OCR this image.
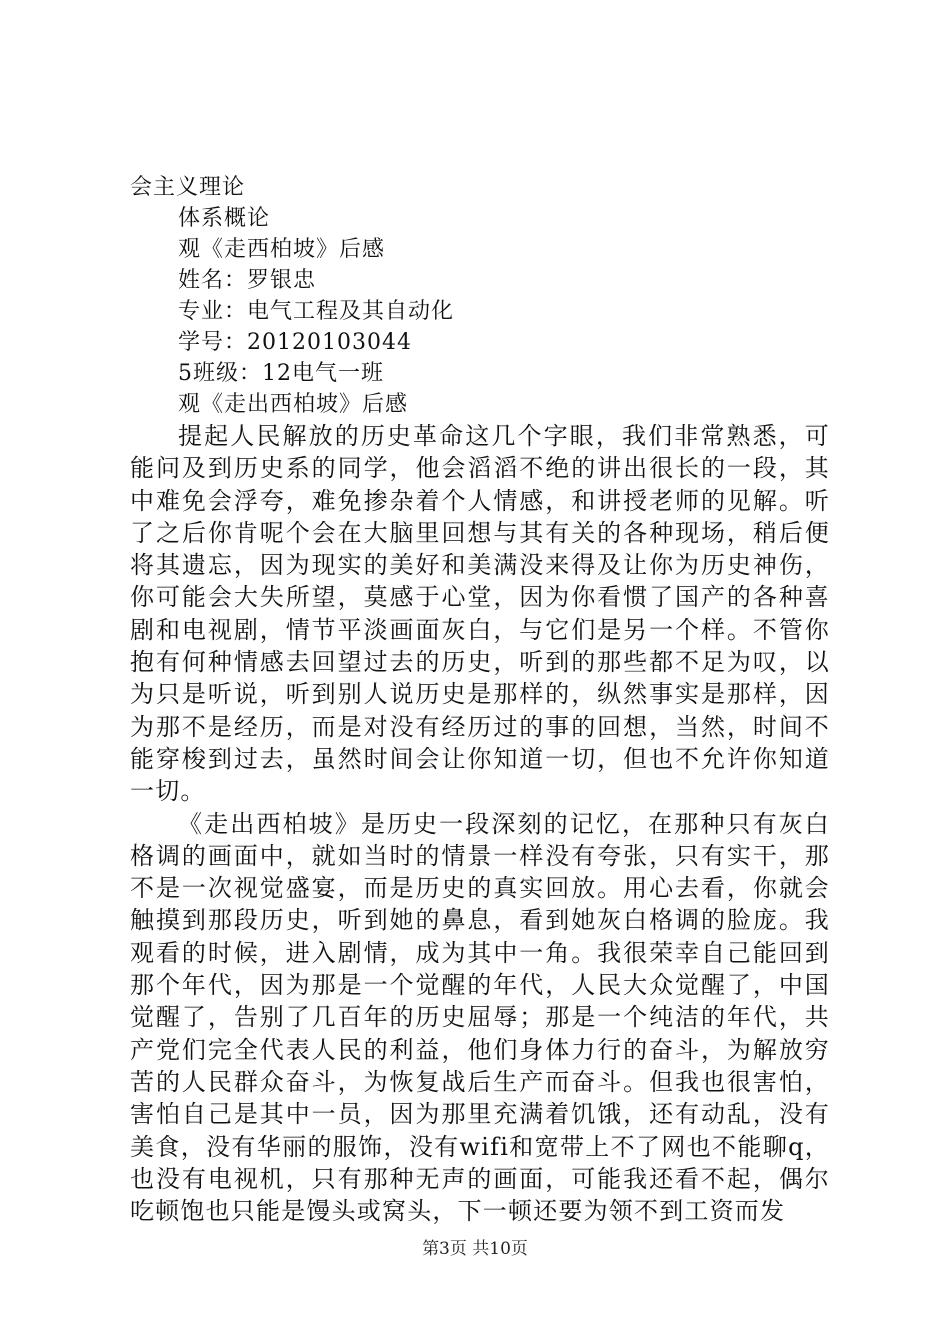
会主义理论
体系概论
观《走西柏坡》后感
姓名：罗银忠
专业：电气工程及其自动化
学号：20120103044
5班级：12电气一班
观《走出西柏坡》后感

提起人民解放的历史革命这几个字眼，我们非常熟悉，可能问及到历史系的同学，他会滔滔不绝的讲出很长的一段，其中难免会浮夸，难免掺杂着个人情感，和讲授老师的见解。听了之后你肯呢个会在大脑里回想与其有关的各种现场，稍后便将其遗忘，因为现实的美好和美满没来得及让你为历史神伤，你可能会大失所望，莫感于心堂，因为你看惯了国产的各种喜剧和电视剧，情节平淡画面灰白，与它们是另一个样。不管你抱有何种情感去回望过去的历史，听到的那些都不足为叹，以为只是听说，听到别人说历史是那样的，纵然事实是那样，因为那不是经历，而是对没有经历过的事的回想，当然，时间不能穿梭到过去，虽然时间会让你知道一切，但也不允许你知道一切。

《走出西柏坡》是历史一段深刻的记忆，在那种只有灰白格调的画面中，就如当时的情景一样没有夸张，只有实干，那不是一次视觉盛宴，而是历史的真实回放。用心去看，你就会触摸到那段历史，听到她的鼻息，看到她灰白格调的脸庞。我观看的时候，进入剧情，成为其中一角。我很荣幸自己能回到那个年代，因为那是一个觉醒的年代，人民大众觉醒了，中国觉醒了，告别了几百年的历史屈辱；那是一个纯洁的年代，共产党们完全代表人民的利益，他们身体力行的奋斗，为解放穷苦的人民群众奋斗，为恢复战后生产而奋斗。但我也很害怕，害怕自己是其中一员，因为那里充满着饥饿，还有动乱，没有美食，没有华丽的服饰，没有wifi和宽带上不了网也不能聊q，也没有电视机，只有那种无声的画面，可能我还看不起，偶尔吃顿饱也只能是馒头或窝头，下一顿还要为领不到工资而发

第3页 共10页
